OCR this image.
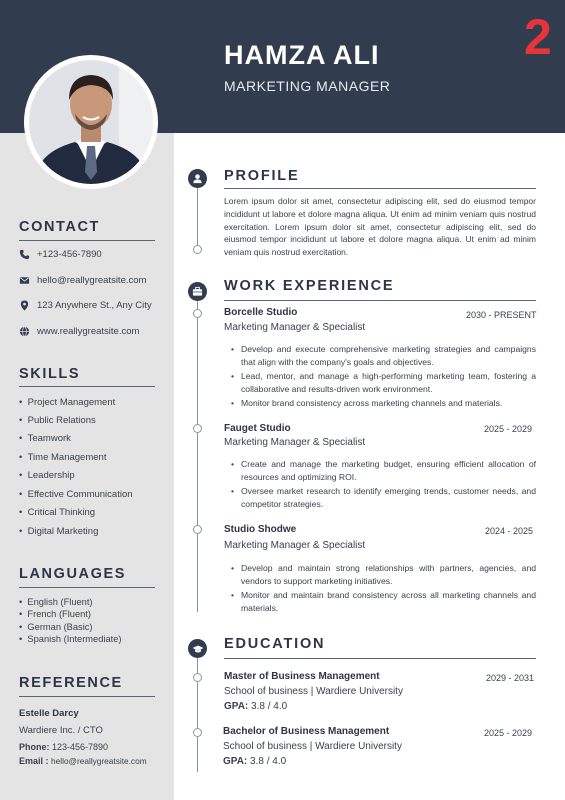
HAMZA ALI
MARKETING MANAGER
2
CONTACT
+123-456-7890
hello@reallygreatsite.com
123 Anywhere St., Any City
www.reallygreatsite.com
SKILLS
•  Project Management
•  Public Relations
•  Teamwork
•  Time Management
•  Leadership
•  Effective Communication
•  Critical Thinking
•  Digital Marketing
LANGUAGES
•  English (Fluent)
•  French (Fluent)
•  German (Basic)
•  Spanish (Intermediate)
REFERENCE
Estelle Darcy
Wardiere Inc. / CTO
Phone: 123-456-7890
Email : hello@reallygreatsite.com
PROFILE
Lorem ipsum dolor sit amet, consectetur adipiscing elit, sed do eiusmod tempor incididunt ut labore et dolore magna aliqua. Ut enim ad minim veniam quis nostrud exercitation. Lorem ipsum dolor sit amet, consectetur adipiscing elit, sed do eiusmod tempor incididunt ut labore et dolore magna aliqua. Ut enim ad minim veniam quis nostrud exercitation.
WORK EXPERIENCE
Borcelle Studio	2030 - PRESENT
Marketing Manager & Specialist
• Develop and execute comprehensive marketing strategies and campaigns that align with the company's goals and objectives.
• Lead, mentor, and manage a high-performing marketing team, fostering a collaborative and results-driven work environment.
• Monitor brand consistency across marketing channels and materials.
Fauget Studio	2025 - 2029
Marketing Manager & Specialist
• Create and manage the marketing budget, ensuring efficient allocation of resources and optimizing ROI.
• Oversee market research to identify emerging trends, customer needs, and competitor strategies.
Studio Shodwe	2024 - 2025
Marketing Manager & Specialist
• Develop and maintain strong relationships with partners, agencies, and vendors to support marketing initiatives.
• Monitor and maintain brand consistency across all marketing channels and materials.
EDUCATION
Master of Business Management	2029 - 2031
School of business | Wardiere University
GPA: 3.8 / 4.0
Bachelor of Business Management	2025 - 2029
School of business | Wardiere University
GPA: 3.8 / 4.0
